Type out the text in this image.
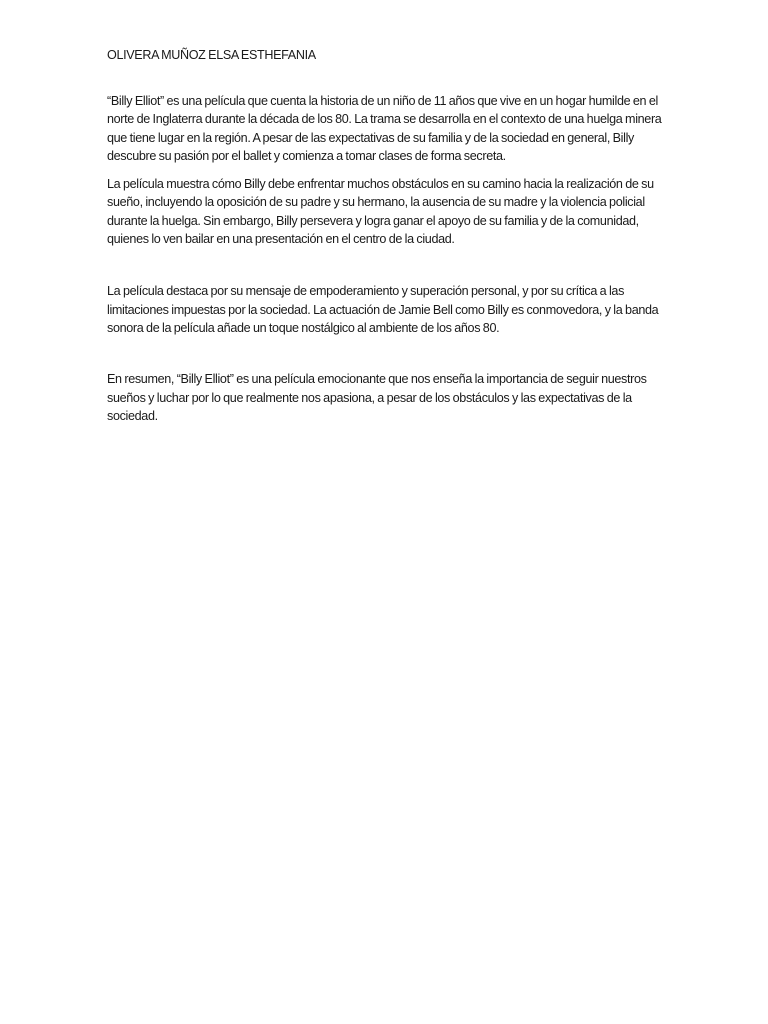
OLIVERA MUÑOZ ELSA ESTHEFANIA

“Billy Elliot” es una película que cuenta la historia de un niño de 11 años que vive en un hogar humilde en el norte de Inglaterra durante la década de los 80. La trama se desarrolla en el contexto de una huelga minera que tiene lugar en la región. A pesar de las expectativas de su familia y de la sociedad en general, Billy descubre su pasión por el ballet y comienza a tomar clases de forma secreta.

La película muestra cómo Billy debe enfrentar muchos obstáculos en su camino hacia la realización de su sueño, incluyendo la oposición de su padre y su hermano, la ausencia de su madre y la violencia policial durante la huelga. Sin embargo, Billy persevera y logra ganar el apoyo de su familia y de la comunidad, quienes lo ven bailar en una presentación en el centro de la ciudad.

La película destaca por su mensaje de empoderamiento y superación personal, y por su crítica a las limitaciones impuestas por la sociedad. La actuación de Jamie Bell como Billy es conmovedora, y la banda sonora de la película añade un toque nostálgico al ambiente de los años 80.

En resumen, “Billy Elliot” es una película emocionante que nos enseña la importancia de seguir nuestros sueños y luchar por lo que realmente nos apasiona, a pesar de los obstáculos y las expectativas de la sociedad.
